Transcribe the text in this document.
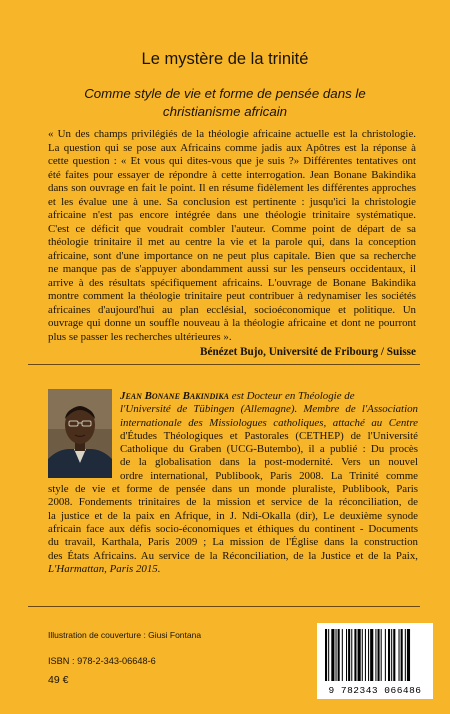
Le mystère de la trinité
Comme style de vie et forme de pensée dans le christianisme africain
« Un des champs privilégiés de la théologie africaine actuelle est la christologie.
La question qui se pose aux Africains comme jadis aux Apôtres est la réponse à
cette question : « Et vous qui dites-vous que je suis ?» Différentes tentatives ont
été faites pour essayer de répondre à cette interrogation. Jean Bonane Bakindika
dans son ouvrage en fait le point. Il en résume fidèlement les différentes approches
et les évalue une à une. Sa conclusion est pertinente : jusqu'ici la christologie
africaine n'est pas encore intégrée dans une théologie trinitaire systématique.
C'est ce déficit que voudrait combler l'auteur. Comme point de départ de sa
théologie trinitaire il met au centre la vie et la parole qui, dans la conception
africaine, sont d'une importance on ne peut plus capitale. Bien que sa recherche
ne manque pas de s'appuyer abondamment aussi sur les penseurs occidentaux, il
arrive à des résultats spécifiquement africains. L'ouvrage de Bonane Bakindika
montre comment la théologie trinitaire peut contribuer à redynamiser les sociétés
africaines d'aujourd'hui au plan ecclésial, socioéconomique et politique. Un
ouvrage qui donne un souffle nouveau à la théologie africaine et dont ne pourront
plus se passer les recherches ultérieures ».
Bénézet Bujo, Université de Fribourg / Suisse
Jean Bonane Bakindika est Docteur en Théologie de
l'Université de Tübingen (Allemagne). Membre de l'Association
internationale des Missiologues catholiques, attaché au Centre
d'Études Théologiques et Pastorales (CETHEP) de l'Université
Catholique du Graben (UCG-Butembo), il a publié : Du procès
de la globalisation dans la post-modernité. Vers un nouvel
ordre international, Publibook, Paris 2008. La Trinité comme
style de vie et forme de pensée dans un monde pluraliste, Publibook, Paris
2008. Fondements trinitaires de la mission et service de la réconciliation, de
la justice et de la paix en Afrique, in J. Ndi-Okalla (dir), Le deuxième synode
africain face aux défis socio-économiques et éthiques du continent - Documents
du travail, Karthala, Paris 2009 ; La mission de l'Église dans la construction
des États Africains. Au service de la Réconciliation, de la Justice et de la Paix,
L'Harmattan, Paris 2015.
Illustration de couverture : Giusi Fontana
ISBN : 978-2-343-06648-6
49 €
9 782343 066486
